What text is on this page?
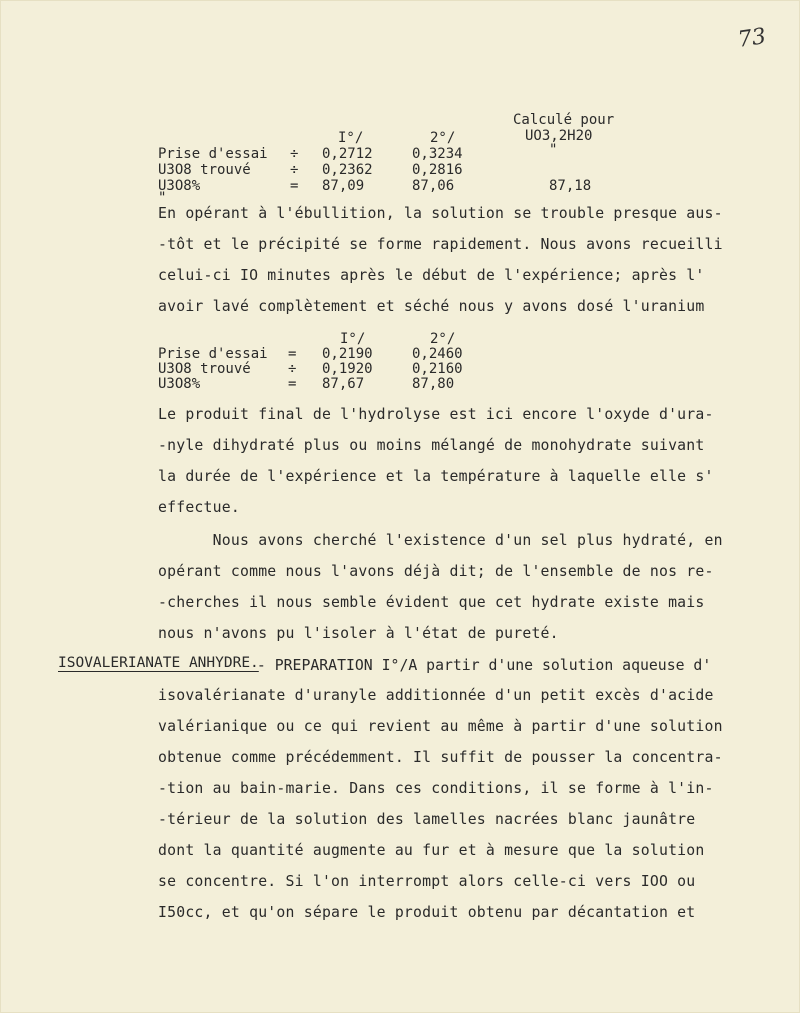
73
Calculé pour
UO3,2H20
I°/	2°/
Prise d'essai ÷ 0,2712	0,3234	"
U3O8 trouvé	÷ 0,2362	0,2816
U3O8%	= 87,09	87,06	87,18
"
En opérant à l'ébullition, la solution se trouble presque aus-
-tôt et le précipité se forme rapidement. Nous avons recueilli
celui-ci IO minutes après le début de l'expérience; après l'
avoir lavé complètement et séché nous y avons dosé l'uranium
I°/	2°/
Prise d'essai = 0,2190	0,2460
U3O8 trouvé	÷ 0,1920	0,2160
U3O8%	= 87,67	87,80
Le produit final de l'hydrolyse est ici encore l'oxyde d'ura-
-nyle dihydraté plus ou moins mélangé de monohydrate suivant
la durée de l'expérience et la température à laquelle elle s'
effectue.
Nous avons cherché l'existence d'un sel plus hydraté, en
opérant comme nous l'avons déjà dit; de l'ensemble de nos re-
-cherches il nous semble évident que cet hydrate existe mais
nous n'avons pu l'isoler à l'état de pureté.
ISOVALERIANATE ANHYDRE.
- PREPARATION I°/A partir d'une solution aqueuse d'
isovalérianate d'uranyle additionnée d'un petit excès d'acide
valérianique ou ce qui revient au même à partir d'une solution
obtenue comme précédemment. Il suffit de pousser la concentra-
-tion au bain-marie. Dans ces conditions, il se forme à l'in-
-térieur de la solution des lamelles nacrées blanc jaunâtre
dont la quantité augmente au fur et à mesure que la solution
se concentre. Si l'on interrompt alors celle-ci vers IOO ou
I50cc, et qu'on sépare le produit obtenu par décantation et
